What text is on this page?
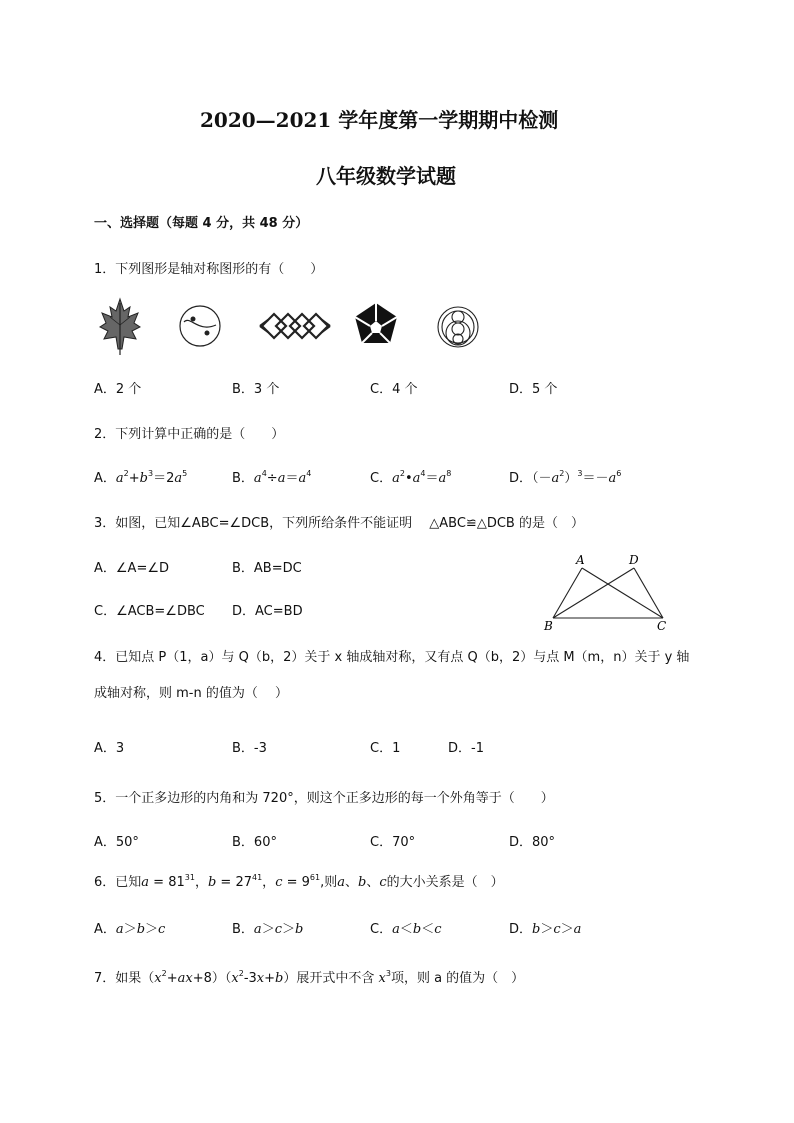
2020—2021 学年度第一学期期中检测
八年级数学试题
一、选择题（每题 4 分，共 48 分）
1．下列图形是轴对称图形的有（　　）
A．2 个	B．3 个	C．4 个	D．5 个
2．下列计算中正确的是（　　）
A．$a^2+b^3=2a^5$	B．$a^4\div a=a^4$	C．$a^2•a^4=a^8$	D．$(-a^2)^3=-a^6$
3．如图，已知∠ABC=∠DCB，下列所给条件不能证明　 △ABC≌△DCB 的是（　）
A．∠A=∠D	B．AB=DC
C．∠ACB=∠DBC D．AC=BD
A	D
B	C
4．已知点 P（1，a）与 Q（b，2）关于 x 轴成轴对称，又有点 Q（b，2）与点 M（m，n）关于 y 轴
成轴对称，则 m-n 的值为（　 ）
A．3	B．-3	C．1	D．-1
5．一个正多边形的内角和为 720°，则这个正多边形的每一个外角等于（　　）
A．50°	B．60°	C．70°	D．80°
6．已知$a = 81^{31}$，$b = 27^{41}$，$c = 9^{61}$,则a、b、c的大小关系是（　）
A．a＞b＞c	B．a＞c＞b	C．a＜b＜c	D．b＞c＞a
7．如果$(x^2+ax+8)(x^2-3x+b)$展开式中不含 $x^3$项，则 a 的值为（　）
